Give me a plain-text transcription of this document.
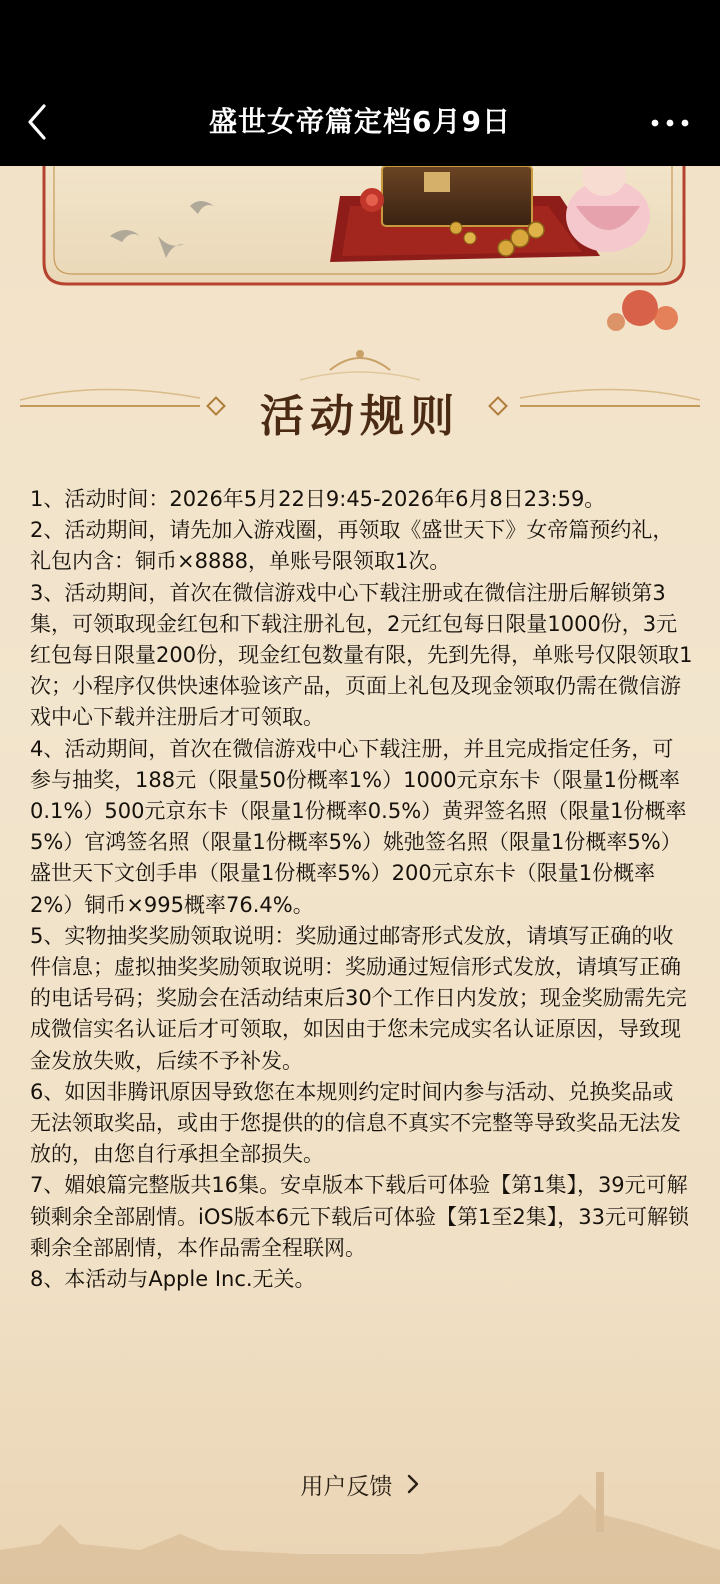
盛世女帝篇定档6月9日
活动规则
1、活动时间：2026年5月22日9:45-2026年6月8日23:59。
2、活动期间，请先加入游戏圈，再领取《盛世天下》女帝篇预约礼，礼包内含：铜币×8888，单账号限领取1次。
3、活动期间，首次在微信游戏中心下载注册或在微信注册后解锁第3集，可领取现金红包和下载注册礼包，2元红包每日限量1000份，3元红包每日限量200份，现金红包数量有限，先到先得，单账号仅限领取1次；小程序仅供快速体验该产品，页面上礼包及现金领取仍需在微信游戏中心下载并注册后才可领取。
4、活动期间，首次在微信游戏中心下载注册，并且完成指定任务，可参与抽奖，188元（限量50份概率1%）1000元京东卡（限量1份概率0.1%）500元京东卡（限量1份概率0.5%）黄羿签名照（限量1份概率5%）官鸿签名照（限量1份概率5%）姚弛签名照（限量1份概率5%）盛世天下文创手串（限量1份概率5%）200元京东卡（限量1份概率2%）铜币×995概率76.4%。
5、实物抽奖奖励领取说明：奖励通过邮寄形式发放，请填写正确的收件信息；虚拟抽奖奖励领取说明：奖励通过短信形式发放，请填写正确的电话号码；奖励会在活动结束后30个工作日内发放；现金奖励需先完成微信实名认证后才可领取，如因由于您未完成实名认证原因，导致现金发放失败，后续不予补发。
6、如因非腾讯原因导致您在本规则约定时间内参与活动、兑换奖品或无法领取奖品，或由于您提供的的信息不真实不完整等导致奖品无法发放的，由您自行承担全部损失。
7、媚娘篇完整版共16集。安卓版本下载后可体验【第1集】，39元可解锁剩余全部剧情。iOS版本6元下载后可体验【第1至2集】，33元可解锁剩余全部剧情，本作品需全程联网。
8、本活动与Apple Inc.无关。
用户反馈
